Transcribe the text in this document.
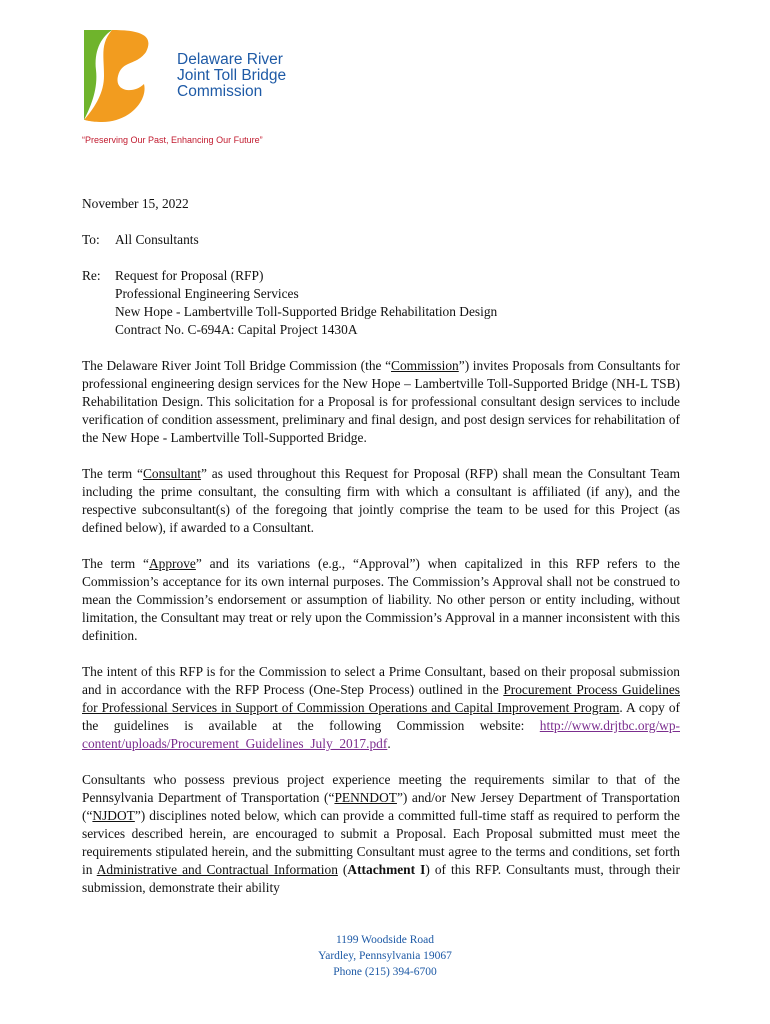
Delaware River
Joint Toll Bridge
Commission
“Preserving Our Past, Enhancing Our Future”
November 15, 2022
To:	All Consultants
Re:	Request for Proposal (RFP)
Professional Engineering Services
New Hope - Lambertville Toll-Supported Bridge Rehabilitation Design
Contract No. C-694A: Capital Project 1430A

The Delaware River Joint Toll Bridge Commission (the “Commission”) invites Proposals from Consultants for professional engineering design services for the New Hope – Lambertville Toll-Supported Bridge (NH-L TSB) Rehabilitation Design. This solicitation for a Proposal is for professional consultant design services to include verification of condition assessment, preliminary and final design, and post design services for rehabilitation of the New Hope - Lambertville Toll-Supported Bridge.

The term “Consultant” as used throughout this Request for Proposal (RFP) shall mean the Consultant Team including the prime consultant, the consulting firm with which a consultant is affiliated (if any), and the respective subconsultant(s) of the foregoing that jointly comprise the team to be used for this Project (as defined below), if awarded to a Consultant.

The term “Approve” and its variations (e.g., “Approval”) when capitalized in this RFP refers to the Commission’s acceptance for its own internal purposes. The Commission’s Approval shall not be construed to mean the Commission’s endorsement or assumption of liability. No other person or entity including, without limitation, the Consultant may treat or rely upon the Commission’s Approval in a manner inconsistent with this definition.

The intent of this RFP is for the Commission to select a Prime Consultant, based on their proposal submission and in accordance with the RFP Process (One-Step Process) outlined in the Procurement Process Guidelines for Professional Services in Support of Commission Operations and Capital Improvement Program. A copy of the guidelines is available at the following Commission website: http://www.drjtbc.org/wp-content/uploads/Procurement_Guidelines_July_2017.pdf.

Consultants who possess previous project experience meeting the requirements similar to that of the Pennsylvania Department of Transportation (“PENNDOT”) and/or New Jersey Department of Transportation (“NJDOT”) disciplines noted below, which can provide a committed full-time staff as required to perform the services described herein, are encouraged to submit a Proposal. Each Proposal submitted must meet the requirements stipulated herein, and the submitting Consultant must agree to the terms and conditions, set forth in Administrative and Contractual Information (Attachment I) of this RFP. Consultants must, through their submission, demonstrate their ability

1199 Woodside Road
Yardley, Pennsylvania 19067
Phone (215) 394-6700
